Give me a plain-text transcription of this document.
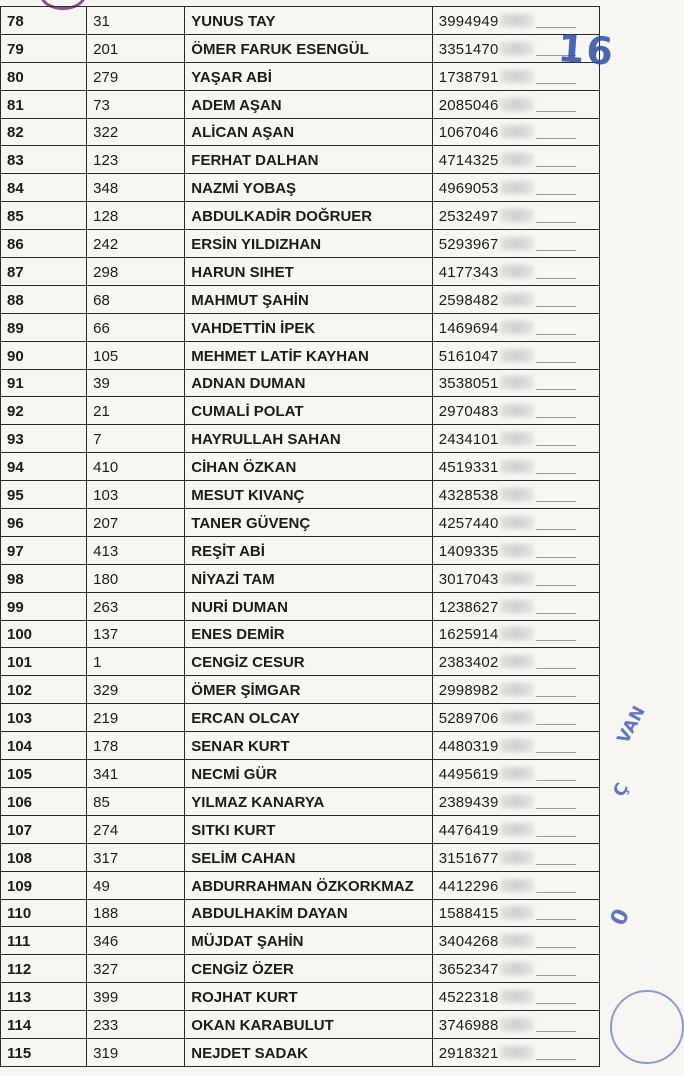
78	31	YUNUS TAY	3994949
79	201	ÖMER FARUK ESENGÜL	3351470
80	279	YAŞAR ABİ	1738791
81	73	ADEM AŞAN	2085046
82	322	ALİCAN AŞAN	1067046
83	123	FERHAT DALHAN	4714325
84	348	NAZMİ YOBAŞ	4969053
85	128	ABDULKADİR DOĞRUER	2532497
86	242	ERSİN YILDIZHAN	5293967
87	298	HARUN SIHET	4177343
88	68	MAHMUT ŞAHİN	2598482
89	66	VAHDETTİN İPEK	1469694
90	105	MEHMET LATİF KAYHAN	5161047
91	39	ADNAN DUMAN	3538051
92	21	CUMALİ POLAT	2970483
93	7	HAYRULLAH SAHAN	2434101
94	410	CİHAN ÖZKAN	4519331
95	103	MESUT KIVANÇ	4328538
96	207	TANER GÜVENÇ	4257440
97	413	REŞİT ABİ	1409335
98	180	NİYAZİ TAM	3017043
99	263	NURİ DUMAN	1238627
100	137	ENES DEMİR	1625914
101	1	CENGİZ CESUR	2383402
102	329	ÖMER ŞİMGAR	2998982
103	219	ERCAN OLCAY	5289706
104	178	SENAR KURT	4480319
105	341	NECMİ GÜR	4495619
106	85	YILMAZ KANARYA	2389439
107	274	SITKI KURT	4476419
108	317	SELİM CAHAN	3151677
109	49	ABDURRAHMAN ÖZKORKMAZ	4412296
110	188	ABDULHAKİM DAYAN	1588415
111	346	MÜJDAT ŞAHİN	3404268
112	327	CENGİZ ÖZER	3652347
113	399	ROJHAT KURT	4522318
114	233	OKAN KARABULUT	3746988
115	319	NEJDET SADAK	2918321
16
VAN
Ç
0
